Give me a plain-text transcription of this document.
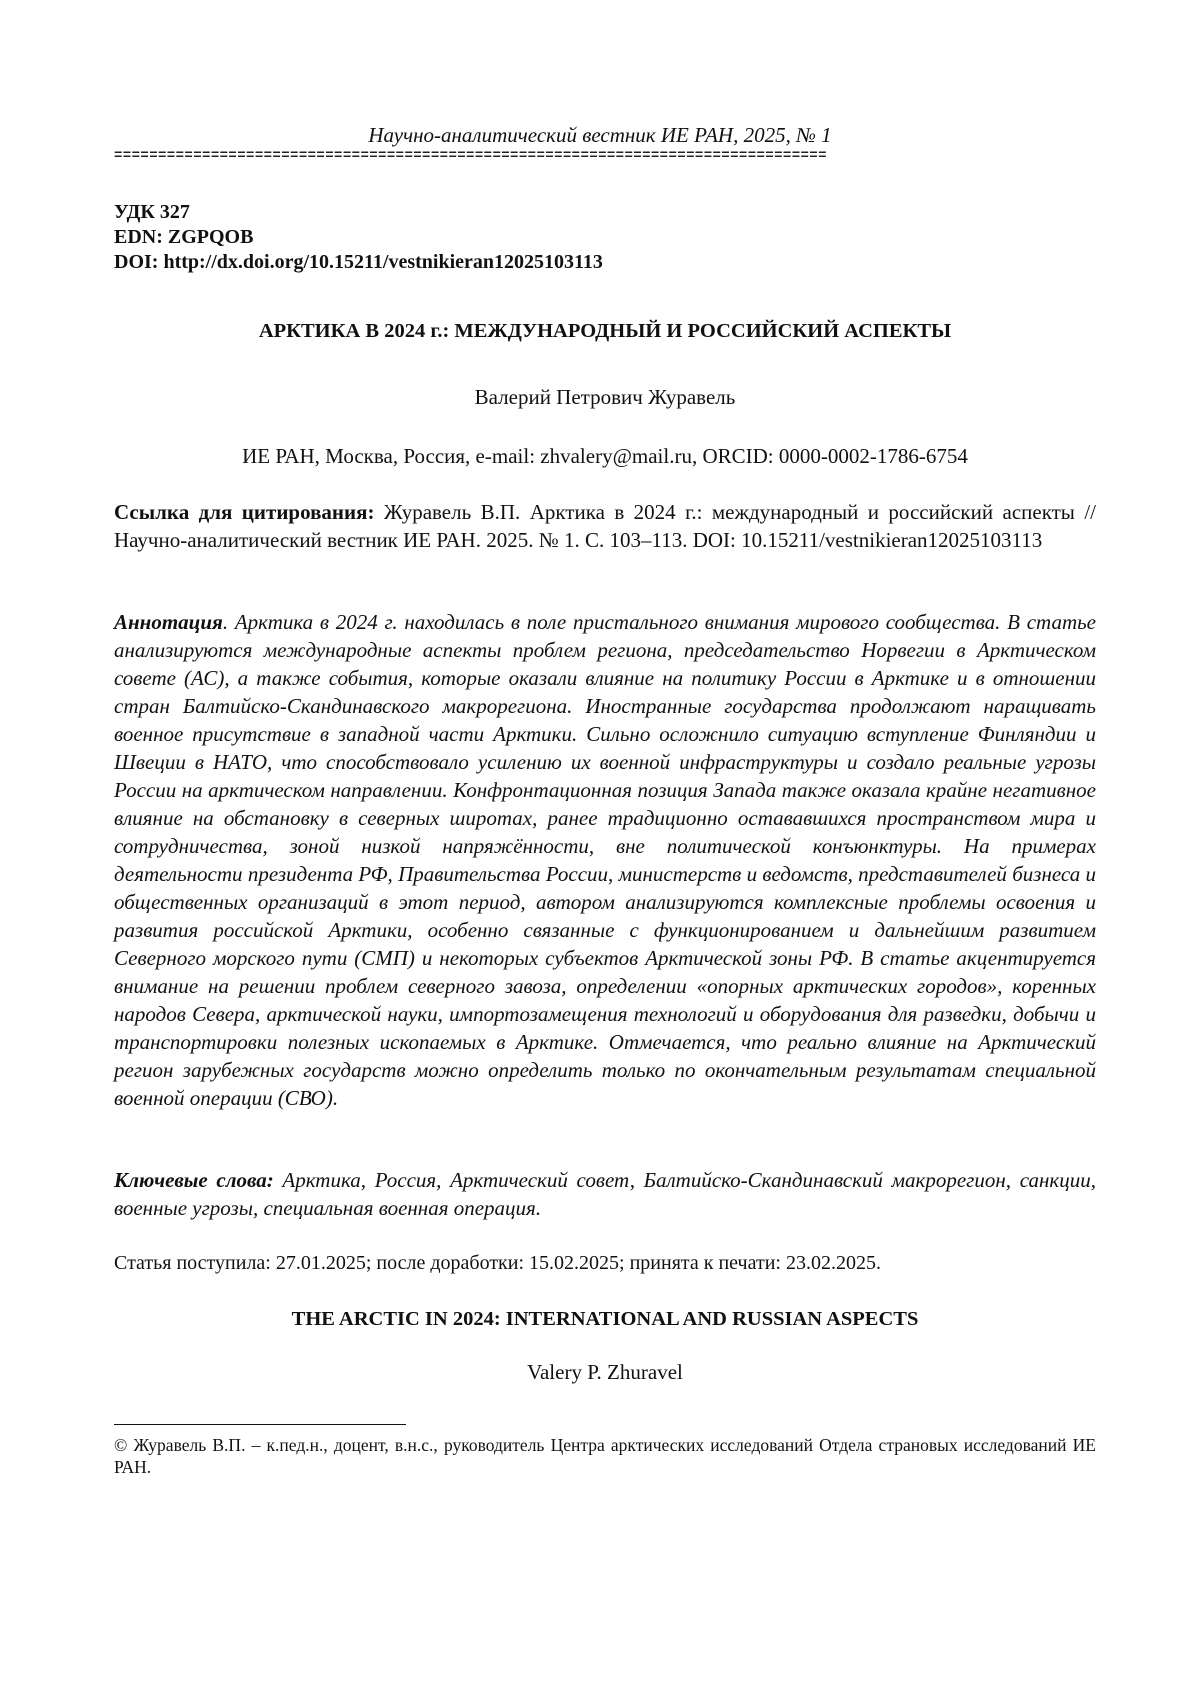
Научно-аналитический вестник ИЕ РАН, 2025, № 1
=================================================================================
УДК 327
EDN: ZGPQOB
DOI: http://dx.doi.org/10.15211/vestnikieran12025103113
АРКТИКА В 2024 г.: МЕЖДУНАРОДНЫЙ И РОССИЙСКИЙ АСПЕКТЫ
Валерий Петрович Журавель
ИЕ РАН, Москва, Россия, e-mail: zhvalery@mail.ru, ORCID: 0000-0002-1786-6754
Ссылка для цитирования: Журавель В.П. Арктика в 2024 г.: международный и российский аспекты // Научно-аналитический вестник ИЕ РАН. 2025. № 1. С. 103–113. DOI: 10.15211/vestnikieran12025103113
Аннотация. Арктика в 2024 г. находилась в поле пристального внимания мирового сообщества. В статье анализируются международные аспекты проблем региона, председательство Норвегии в Арктическом совете (АС), а также события, которые оказали влияние на политику России в Арктике и в отношении стран Балтийско-Скандинавского макрорегиона. Иностранные государства продолжают наращивать военное присутствие в западной части Арктики. Сильно осложнило ситуацию вступление Финляндии и Швеции в НАТО, что способствовало усилению их военной инфраструктуры и создало реальные угрозы России на арктическом направлении. Конфронтационная позиция Запада также оказала крайне негативное влияние на обстановку в северных широтах, ранее традиционно остававшихся пространством мира и сотрудничества, зоной низкой напряжённости, вне политической конъюнктуры. На примерах деятельности президента РФ, Правительства России, министерств и ведомств, представителей бизнеса и общественных организаций в этот период, автором анализируются комплексные проблемы освоения и развития российской Арктики, особенно связанные с функционированием и дальнейшим развитием Северного морского пути (СМП) и некоторых субъектов Арктической зоны РФ. В статье акцентируется внимание на решении проблем северного завоза, определении «опорных арктических городов», коренных народов Севера, арктической науки, импортозамещения технологий и оборудования для разведки, добычи и транспортировки полезных ископаемых в Арктике. Отмечается, что реально влияние на Арктический регион зарубежных государств можно определить только по окончательным результатам специальной военной операции (СВО).
Ключевые слова: Арктика, Россия, Арктический совет, Балтийско-Скандинавский макрорегион, санкции, военные угрозы, специальная военная операция.
Статья поступила: 27.01.2025; после доработки: 15.02.2025; принята к печати: 23.02.2025.
THE ARCTIC IN 2024: INTERNATIONAL AND RUSSIAN ASPECTS
Valery P. Zhuravel
© Журавель В.П. – к.пед.н., доцент, в.н.с., руководитель Центра арктических исследований Отдела страновых исследований ИЕ РАН.
